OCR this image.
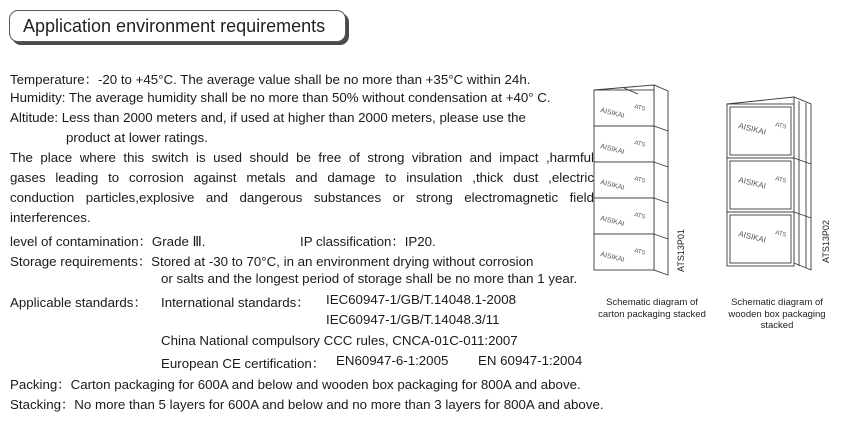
Application environment requirements
Temperature：-20 to +45°C. The average value shall be no more than +35°C within 24h.
Humidity: The average humidity shall be no more than 50% without condensation at +40° C.
Altitude: Less than 2000 meters and, if used at higher than 2000 meters, please use the
product at lower ratings.
The place where this switch is used should be free of strong vibration and impact ,harmful
gases leading to corrosion against metals and damage to insulation ,thick dust ,electric
conduction particles,explosive and dangerous substances or strong electromagnetic field
interferences.
level of contamination：Grade Ⅲ.	IP classification：IP20.
Storage requirements：Stored at -30 to 70°C, in an environment drying without corrosion
or salts and the longest period of storage shall be no more than 1 year.
Applicable standards： International standards： IEC60947-1/GB/T.14048.1-2008
IEC60947-1/GB/T.14048.3/11
China National compulsory CCC rules, CNCA-01C-011:2007
European CE certification： EN60947-6-1:2005 EN 60947-1:2004
Packing：Carton packaging for 600A and below and wooden box packaging for 800A and above.
Stacking：No more than 5 layers for 600A and below and no more than 3 layers for 800A and above.
AISIKAI
AISIKAI
AISIKAI
AISIKAI
AISIKAI
ATS
ATS
ATS
ATS
ATS
AISIKAI
AISIKAI
AISIKAI
ATS
ATS
ATS
ATS13P01	ATS13P02
Schematic diagram of
carton packaging stacked
Schematic diagram of
wooden box packaging
stacked
